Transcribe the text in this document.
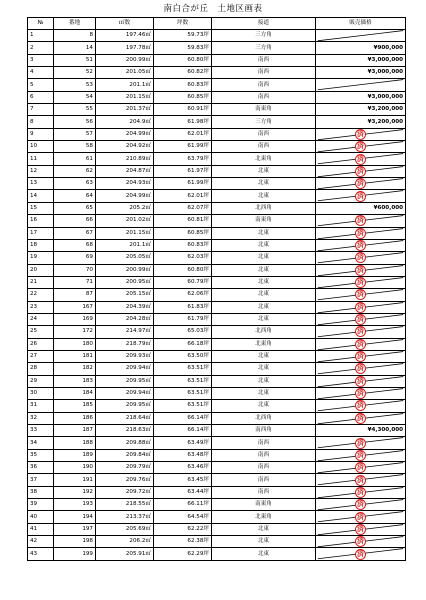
南白合が丘　土地区画表
№	番地	㎡数	坪数	接道	販売価格
1	8	197.46㎡	59.73坪	三方角	

2	14	197.78㎡	59.83坪	三方角	¥900,000
3	51	200.99㎡	60.80坪	南西	¥3,000,000
4	52	201.05㎡	60.82坪	南西	¥3,000,000
5	53	201.1㎡	60.83坪	南西	

6	54	201.15㎡	60.85坪	南西	¥3,000,000
7	55	201.37㎡	60.91坪	南東角	¥3,200,000
8	56	204.9㎡	61.98坪	三方角	¥3,200,000
9	57	204.99㎡	62.01坪	南西	済

10	58	204.92㎡	61.99坪	南西	済

11	61	210.89㎡	63.79坪	北東角	済

12	62	204.87㎡	61.97坪	北東	済

13	63	204.93㎡	61.99坪	北東	済

14	64	204.99㎡	62.01坪	北東	済

15	65	205.2㎡	62.07坪	北西角	¥600,000
16	66	201.02㎡	60.81坪	南東角	済

17	67	201.15㎡	60.85坪	北東	済

18	68	201.1㎡	60.83坪	北東	済

19	69	205.05㎡	62.03坪	北東	済

20	70	200.99㎡	60.80坪	北東	済

21	71	200.95㎡	60.79坪	北東	済

22	87	205.15㎡	62.06坪	北東	済

23	167	204.39㎡	61.83坪	北東	済

24	169	204.28㎡	61.79坪	北東	済

25	172	214.97㎡	65.03坪	北西角	済

26	180	218.79㎡	66.18坪	北東角	済

27	181	209.93㎡	63.50坪	北東	済

28	182	209.94㎡	63.51坪	北東	済

29	183	209.95㎡	63.51坪	北東	済

30	184	209.94㎡	63.51坪	北東	済

31	185	209.95㎡	63.51坪	北東	済

32	186	218.64㎡	66.14坪	北西角	済

33	187	218.63㎡	66.14坪	南西角	¥4,300,000
34	188	209.88㎡	63.49坪	南西	済

35	189	209.84㎡	63.48坪	南西	済

36	190	209.79㎡	63.46坪	南西	済

37	191	209.76㎡	63.45坪	南西	済

38	192	209.72㎡	63.44坪	南西	済

39	193	218.55㎡	66.11坪	南東角	済

40	194	213.37㎡	64.54坪	北東角	済

41	197	205.69㎡	62.22坪	北東	済

42	198	206.2㎡	62.38坪	北東	済

43	199	205.91㎡	62.29坪	北東	済
